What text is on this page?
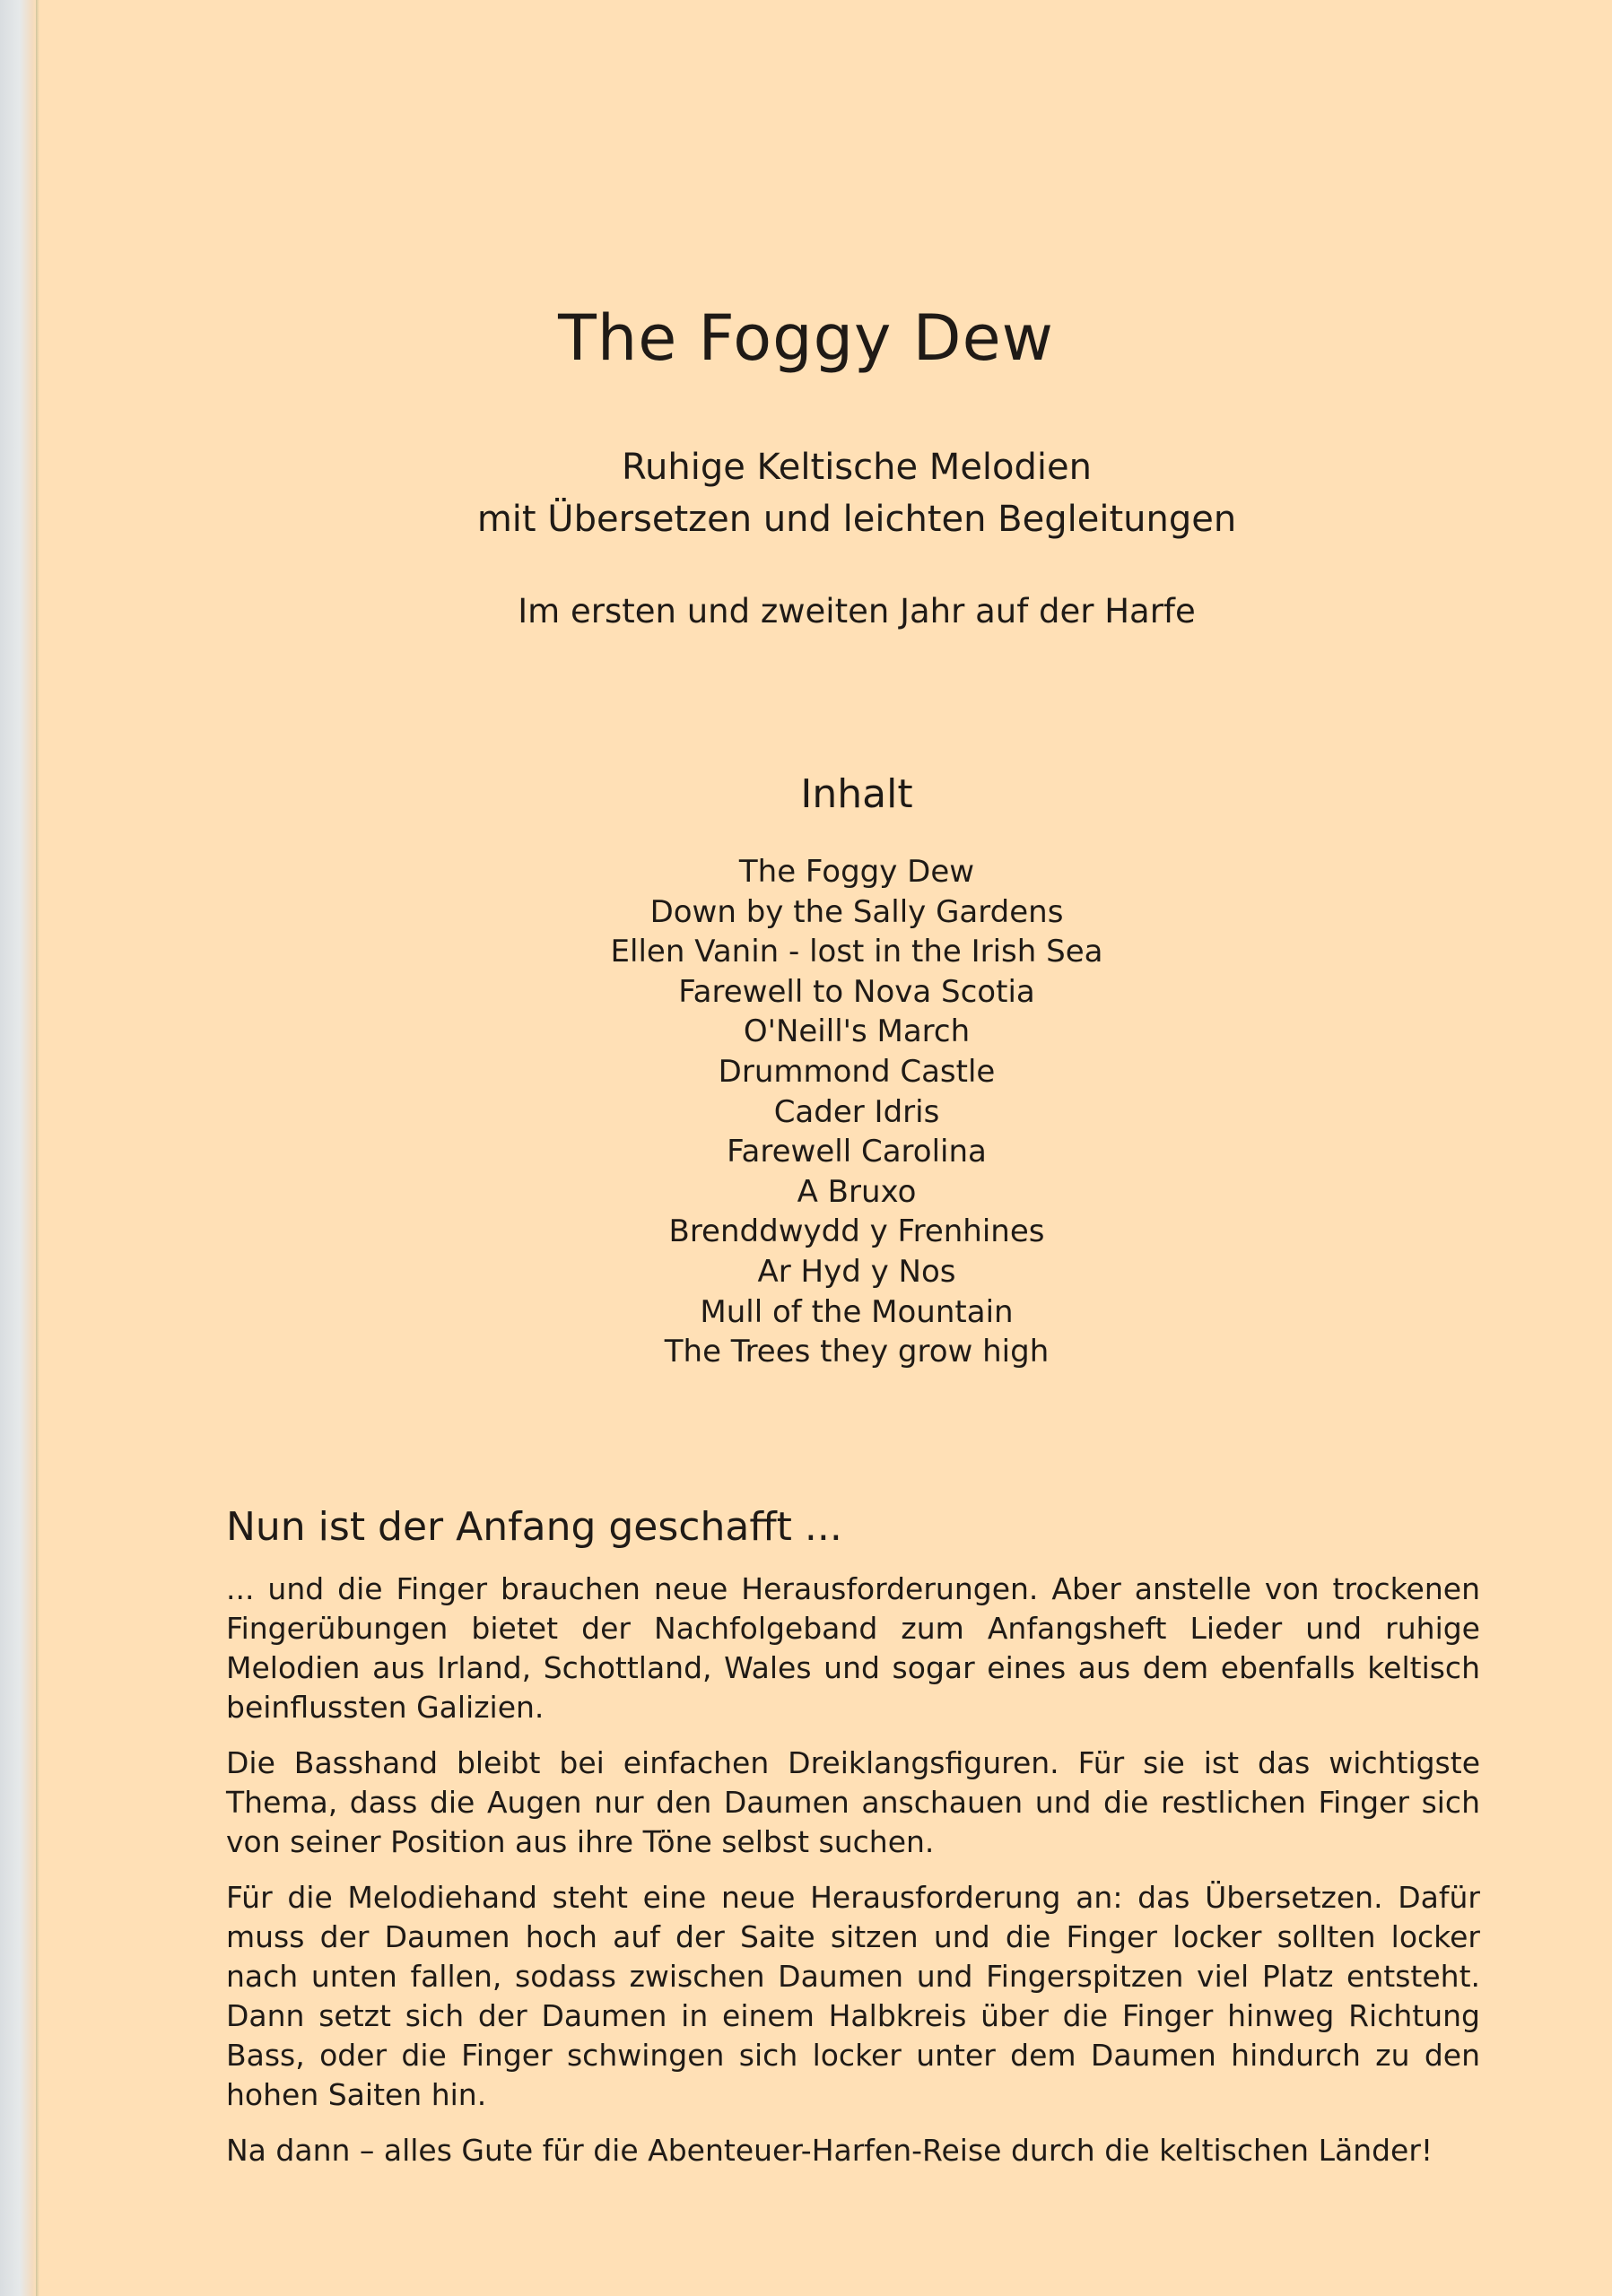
The Foggy Dew
Ruhige Keltische Melodien
mit Übersetzen und leichten Begleitungen
Im ersten und zweiten Jahr auf der Harfe
Inhalt
The Foggy Dew
Down by the Sally Gardens
Ellen Vanin - lost in the Irish Sea
Farewell to Nova Scotia
O'Neill's March
Drummond Castle
Cader Idris
Farewell Carolina
A Bruxo
Brenddwydd y Frenhines
Ar Hyd y Nos
Mull of the Mountain
The Trees they grow high
Nun ist der Anfang geschafft ...

... und die Finger brauchen neue Herausforderungen. Aber anstelle von trockenen Fingerübungen bietet der Nachfolgeband zum Anfangsheft Lieder und ruhige Melodien aus Irland, Schottland, Wales und sogar eines aus dem ebenfalls keltisch beinflussten Galizien.

Die Basshand bleibt bei einfachen Dreiklangsfiguren. Für sie ist das wichtigste Thema, dass die Augen nur den Daumen anschauen und die restlichen Finger sich von seiner Position aus ihre Töne selbst suchen.

Für die Melodiehand steht eine neue Herausforderung an: das Übersetzen. Dafür muss der Daumen hoch auf der Saite sitzen und die Finger locker sollten locker nach unten fallen, sodass zwischen Daumen und Fingerspitzen viel Platz entsteht. Dann setzt sich der Daumen in einem Halbkreis über die Finger hinweg Richtung Bass, oder die Finger schwingen sich locker unter dem Daumen hindurch zu den hohen Saiten hin.

Na dann – alles Gute für die Abenteuer-Harfen-Reise durch die keltischen Länder!
